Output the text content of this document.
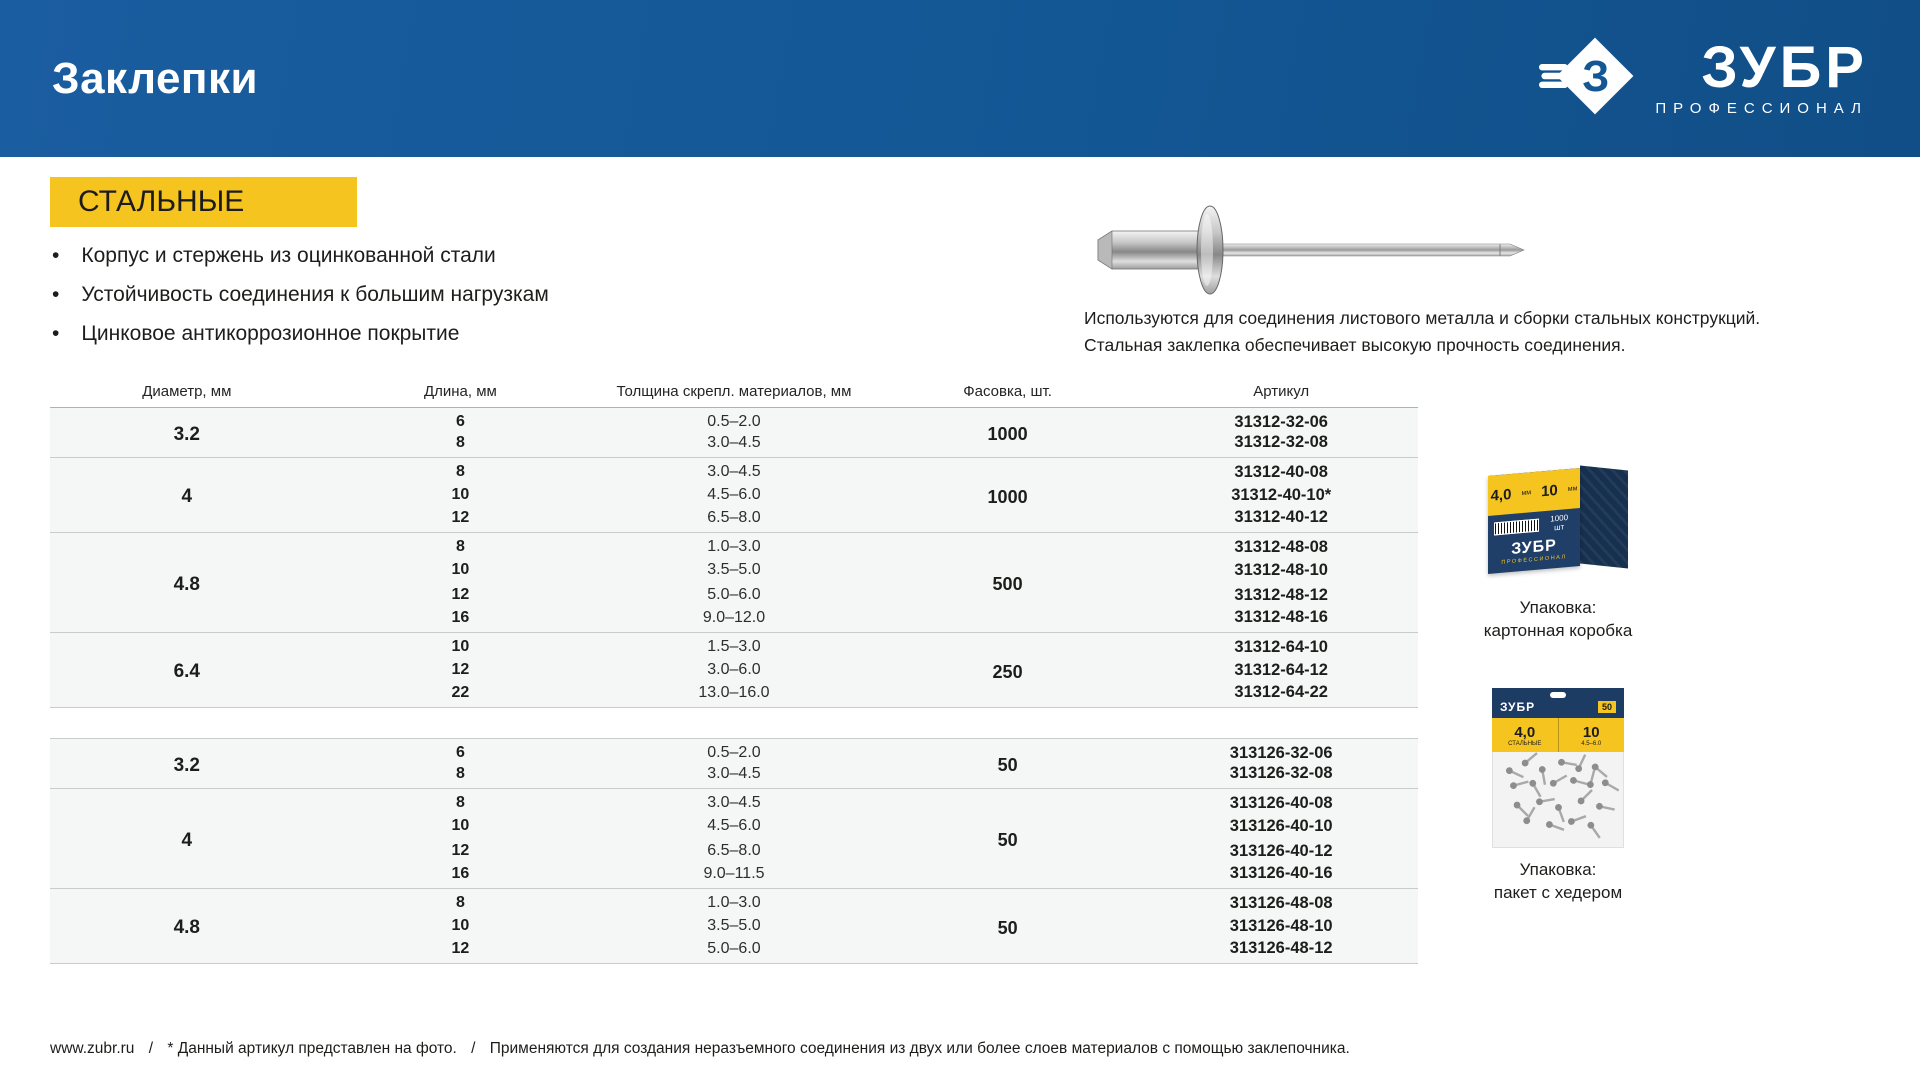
Заклепки	З ЗУБР
ПРОФЕССИОНАЛ
СТАЛЬНЫЕ
• Корпус и стержень из оцинкованной стали
• Устойчивость соединения к большим нагрузкам
• Цинковое антикоррозионное покрытие
Используются для соединения листового металла и сборки стальных конструкций.
Стальная заклепка обеспечивает высокую прочность соединения.
Диаметр, мм	Длина, мм	Толщина скрепл. материалов, мм	Фасовка, шт.	Артикул
3.2	6	0.5–2.0	1000	31312-32-06
	8	3.0–4.5		31312-32-08
4	8	3.0–4.5	1000	31312-40-08
	10	4.5–6.0		31312-40-10*
	12	6.5–8.0		31312-40-12
4.8	8	1.0–3.0	500	31312-48-08
	10	3.5–5.0		31312-48-10
	12	5.0–6.0		31312-48-12
	16	9.0–12.0		31312-48-16
6.4	10	1.5–3.0	250	31312-64-10
	12	3.0–6.0		31312-64-12
	22	13.0–16.0		31312-64-22
3.2	6	0.5–2.0	50	313126-32-06
	8	3.0–4.5		313126-32-08
4	8	3.0–4.5	50	313126-40-08
	10	4.5–6.0		313126-40-10
	12	6.5–8.0		313126-40-12
	16	9.0–11.5		313126-40-16
4.8	8	1.0–3.0	50	313126-48-08
	10	3.5–5.0		313126-48-10
	12	5.0–6.0		313126-48-12
4,0 мм 10 мм
1000 шт
ЗУБР
ПРОФЕССИОНАЛ
Упаковка:
картонная коробка
ЗУБР	50
4,0
СТАЛЬНЫЕ
10
4.5–6.0
Упаковка:
пакет с хедером
www.zubr.ru / * Данный артикул представлен на фото. / Применяются для создания неразъемного соединения из двух или более слоев материалов с помощью заклепочника.
